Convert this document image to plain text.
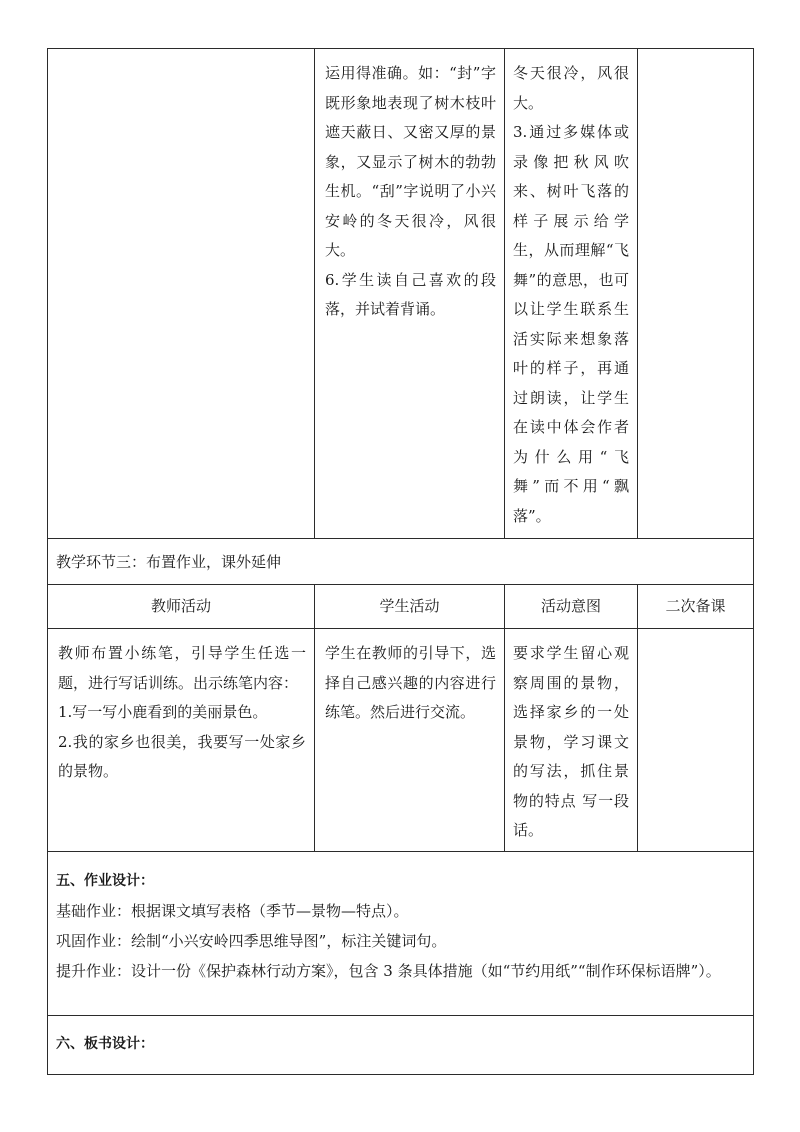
	运用得准确。如：“封”字既形象地表现了树木枝叶遮天蔽日、又密又厚的景象，又显示了树木的勃勃生机。“刮”字说明了小兴安岭的冬天很冷，风很大。
6.学生读自己喜欢的段落，并试着背诵。	冬天很冷，风很大。
3.通过多媒体或录像把秋风吹来、树叶飞落的样子展示给学生，从而理解“飞舞”的意思，也可以让学生联系生活实际来想象落叶的样子，再通过朗读，让学生在读中体会作者为什么用“飞舞”而不用“飘落”。	

教学环节三：布置作业，课外延伸			

教师活动	学生活动	活动意图	二次备课

教师布置小练笔，引导学生任选一题，进行写话训练。出示练笔内容：
1.写一写小鹿看到的美丽景色。
2.我的家乡也很美，我要写一处家乡的景物。	学生在教师的引导下，选择自己感兴趣的内容进行练笔。然后进行交流。	要求学生留心观察周围的景物，选择家乡的一处景物，学习课文的写法，抓住景物的特点 写一段话。	

五、作业设计：
基础作业：根据课文填写表格（季节—景物—特点）。
巩固作业：绘制“小兴安岭四季思维导图”，标注关键词句。
提升作业：设计一份《保护森林行动方案》，包含 3 条具体措施（如“节约用纸”“制作环保标语牌”）。			

六、板书设计：			
